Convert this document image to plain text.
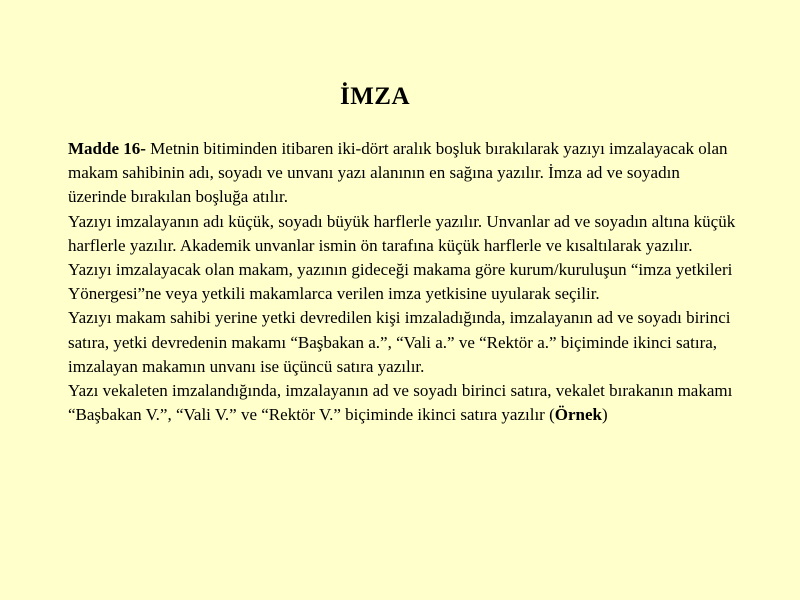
İMZA

Madde 16- Metnin bitiminden itibaren iki-dört aralık boşluk bırakılarak yazıyı imzalayacak olan makam sahibinin adı, soyadı ve unvanı yazı alanının en sağına yazılır. İmza ad ve soyadın üzerinde bırakılan boşluğa atılır.

Yazıyı imzalayanın adı küçük, soyadı büyük harflerle yazılır. Unvanlar ad ve soyadın altına küçük harflerle yazılır. Akademik unvanlar ismin ön tarafına küçük harflerle ve kısaltılarak yazılır.

Yazıyı imzalayacak olan makam, yazının gideceği makama göre kurum/kuruluşun “imza yetkileri Yönergesi”ne veya yetkili makamlarca verilen imza yetkisine uyularak seçilir.

Yazıyı makam sahibi yerine yetki devredilen kişi imzaladığında, imzalayanın ad ve soyadı birinci satıra, yetki devredenin makamı “Başbakan a.”, “Vali a.” ve “Rektör a.” biçiminde ikinci satıra, imzalayan makamın unvanı ise üçüncü satıra yazılır.

Yazı vekaleten imzalandığında, imzalayanın ad ve soyadı birinci satıra, vekalet bırakanın makamı “Başbakan V.”, “Vali V.” ve “Rektör V.” biçiminde ikinci satıra yazılır (Örnek)
